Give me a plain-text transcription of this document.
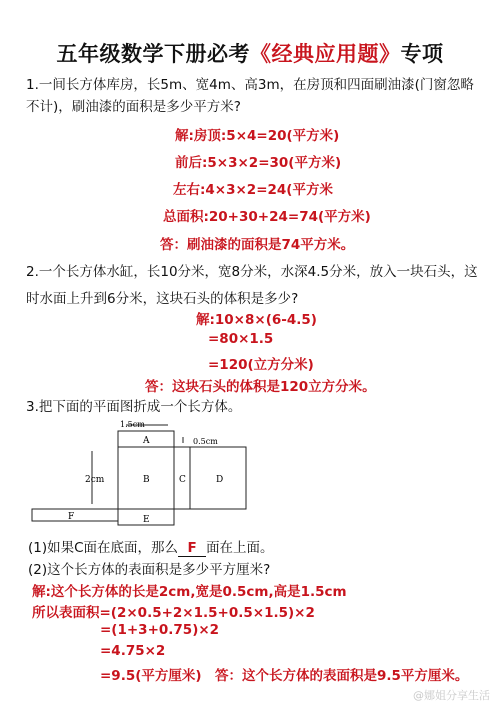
五年级数学下册必考《经典应用题》专项
1.一间长方体库房，长5m、宽4m、高3m，在房顶和四面刷油漆(门窗忽略不计)，刷油漆的面积是多少平方米?
解:房顶:5×4=20(平方米)
前后:5×3×2=30(平方米)
左右:4×3×2=24(平方米
总面积:20+30+24=74(平方米)
答：刷油漆的面积是74平方米。
2.一个长方体水缸，长10分米，宽8分米，水深4.5分米，放入一块石头，这时水面上升到6分米，这块石头的体积是多少?
解:10×8×(6-4.5)
=80×1.5
=120(立方分米)
答：这块石头的体积是120立方分米。
3.把下面的平面图折成一个长方体。
1.5cm
0.5cm
2cm
A
B	C	D
E
F
(1)如果C面在底面，那么 F 面在上面。
(2)这个长方体的表面积是多少平方厘米?
解:这个长方体的长是2cm,宽是0.5cm,高是1.5cm
所以表面积=(2×0.5+2×1.5+0.5×1.5)×2
=(1+3+0.75)×2
=4.75×2
=9.5(平方厘米) 答：这个长方体的表面积是9.5平方厘米。
@娜姐分享生活
